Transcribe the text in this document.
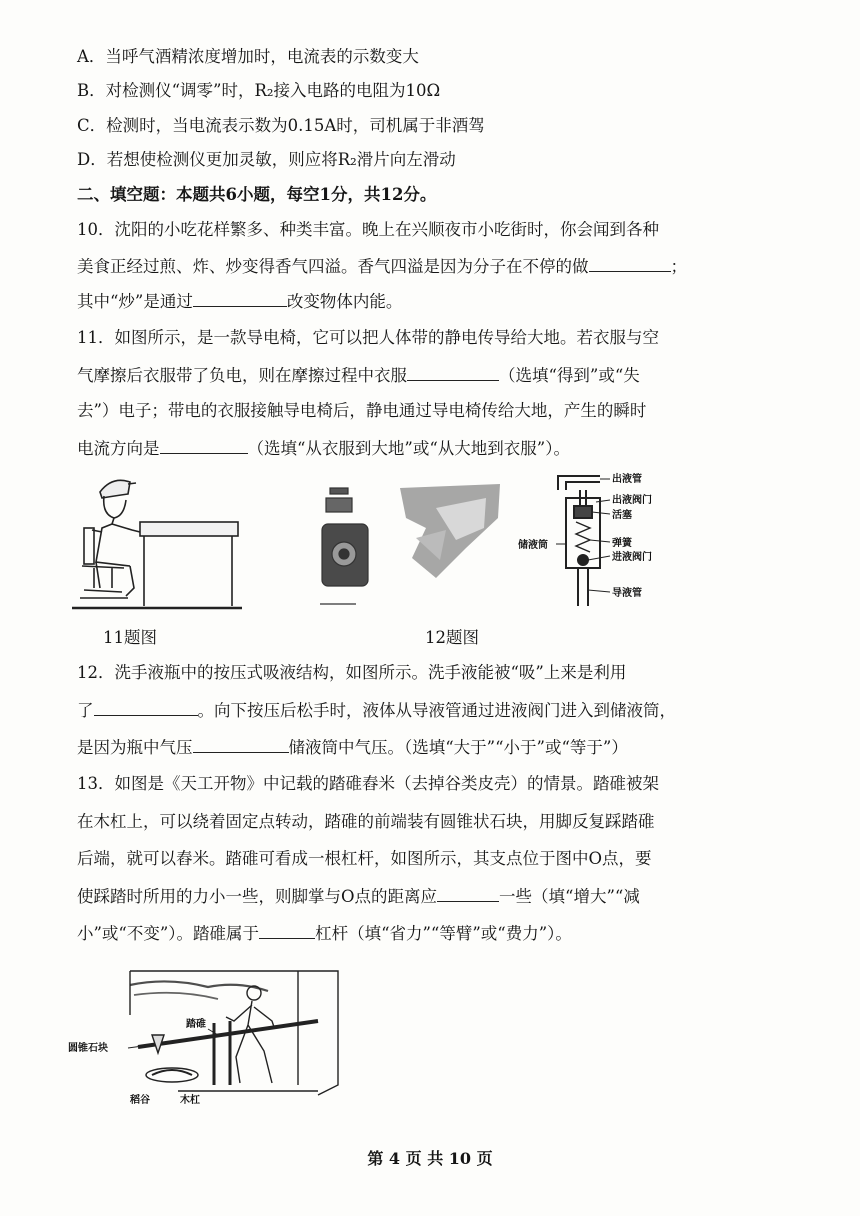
A．当呼气酒精浓度增加时，电流表的示数变大
B．对检测仪“调零”时，R₂接入电路的电阻为10Ω
C．检测时，当电流表示数为0.15A时，司机属于非酒驾
D．若想使检测仪更加灵敏，则应将R₂滑片向左滑动
二、填空题：本题共6小题，每空1分，共12分。
10．沈阳的小吃花样繁多、种类丰富。晚上在兴顺夜市小吃街时，你会闻到各种
美食正经过煎、炸、炒变得香气四溢。香气四溢是因为分子在不停的做	；
其中“炒”是通过	改变物体内能。
11．如图所示，是一款导电椅，它可以把人体带的静电传导给大地。若衣服与空
气摩擦后衣服带了负电，则在摩擦过程中衣服	（选填“得到”或“失
去”）电子；带电的衣服接触导电椅后，静电通过导电椅传给大地，产生的瞬时
电流方向是	（选填“从衣服到大地”或“从大地到衣服”）。
出液管
出液阀门
活塞
储液筒	弹簧
进液阀门
导液管
11题图	12题图
12．洗手液瓶中的按压式吸液结构，如图所示。洗手液能被“吸”上来是利用
了	。向下按压后松手时，液体从导液管通过进液阀门进入到储液筒，
是因为瓶中气压	储液筒中气压。（选填“大于”“小于”或“等于”）
13．如图是《天工开物》中记载的踏碓舂米（去掉谷类皮壳）的情景。踏碓被架
在木杠上，可以绕着固定点转动，踏碓的前端装有圆锥状石块，用脚反复踩踏碓
后端，就可以舂米。踏碓可看成一根杠杆，如图所示，其支点位于图中O点，要
使踩踏时所用的力小一些，则脚掌与O点的距离应	一些（填“增大”“减
小”或“不变”）。踏碓属于	杠杆（填“省力”“等臂”或“费力”）。
踏碓
圆锥石块
稻谷	木杠
第 4 页 共 10 页
